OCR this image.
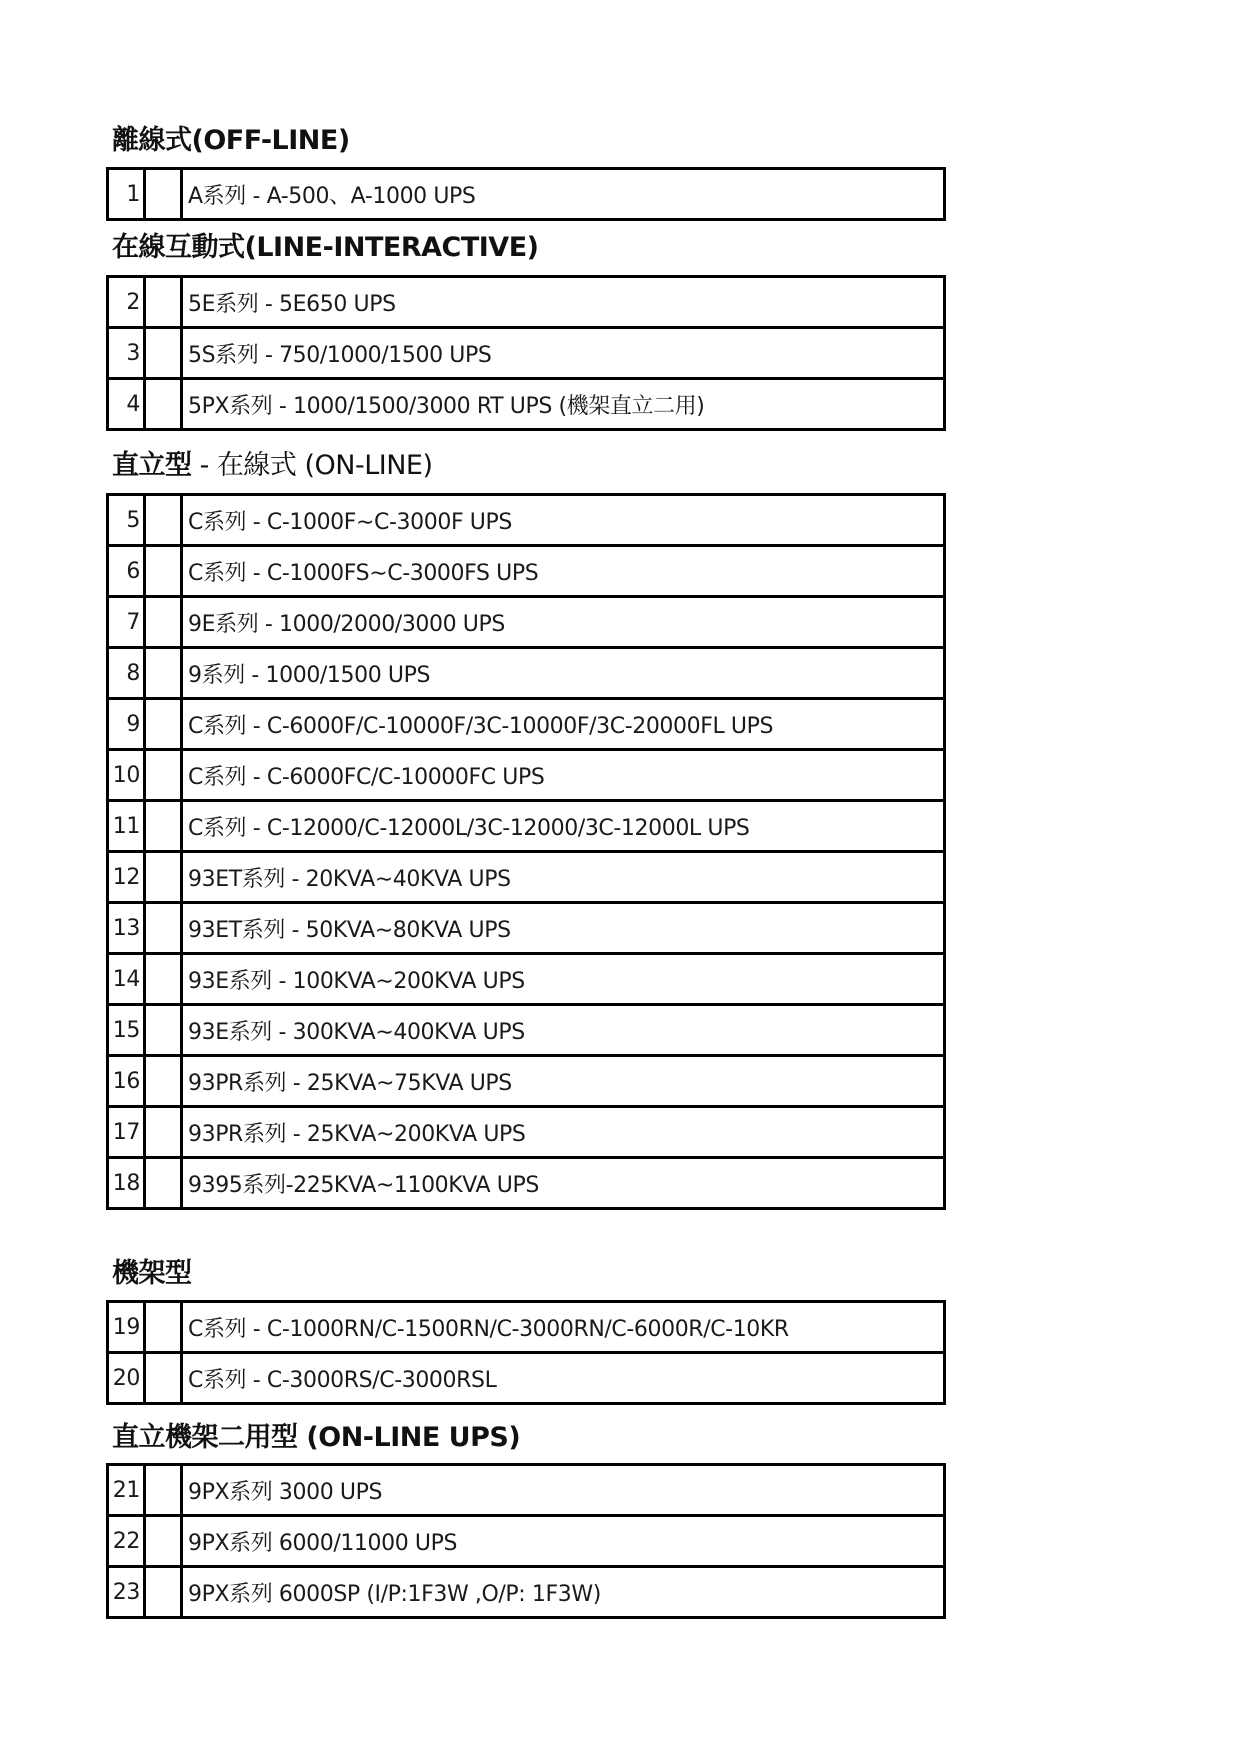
離線式(OFF-LINE)
1		A系列 - A-500、A-1000 UPS
在線互動式(LINE-INTERACTIVE)
2		5E系列 - 5E650 UPS
3		5S系列 - 750/1000/1500 UPS
4		5PX系列 - 1000/1500/3000 RT UPS (機架直立二用)
直立型 - 在線式 (ON-LINE)
5		C系列 - C-1000F∼C-3000F UPS
6		C系列 - C-1000FS∼C-3000FS UPS
7		9E系列 - 1000/2000/3000 UPS
8		9系列 - 1000/1500 UPS
9		C系列 - C-6000F/C-10000F/3C-10000F/3C-20000FL UPS
10		C系列 - C-6000FC/C-10000FC UPS
11		C系列 - C-12000/C-12000L/3C-12000/3C-12000L UPS
12		93ET系列 - 20KVA∼40KVA UPS
13		93ET系列 - 50KVA∼80KVA UPS
14		93E系列 - 100KVA∼200KVA UPS
15		93E系列 - 300KVA∼400KVA UPS
16		93PR系列 - 25KVA~75KVA UPS
17		93PR系列 - 25KVA~200KVA UPS
18		9395系列-225KVA~1100KVA UPS
機架型
19		C系列 - C-1000RN/C-1500RN/C-3000RN/C-6000R/C-10KR
20		C系列 - C-3000RS/C-3000RSL
直立機架二用型 (ON-LINE UPS)
21		9PX系列 3000 UPS
22		9PX系列 6000/11000 UPS
23		9PX系列 6000SP (I/P:1F3W ,O/P: 1F3W)
